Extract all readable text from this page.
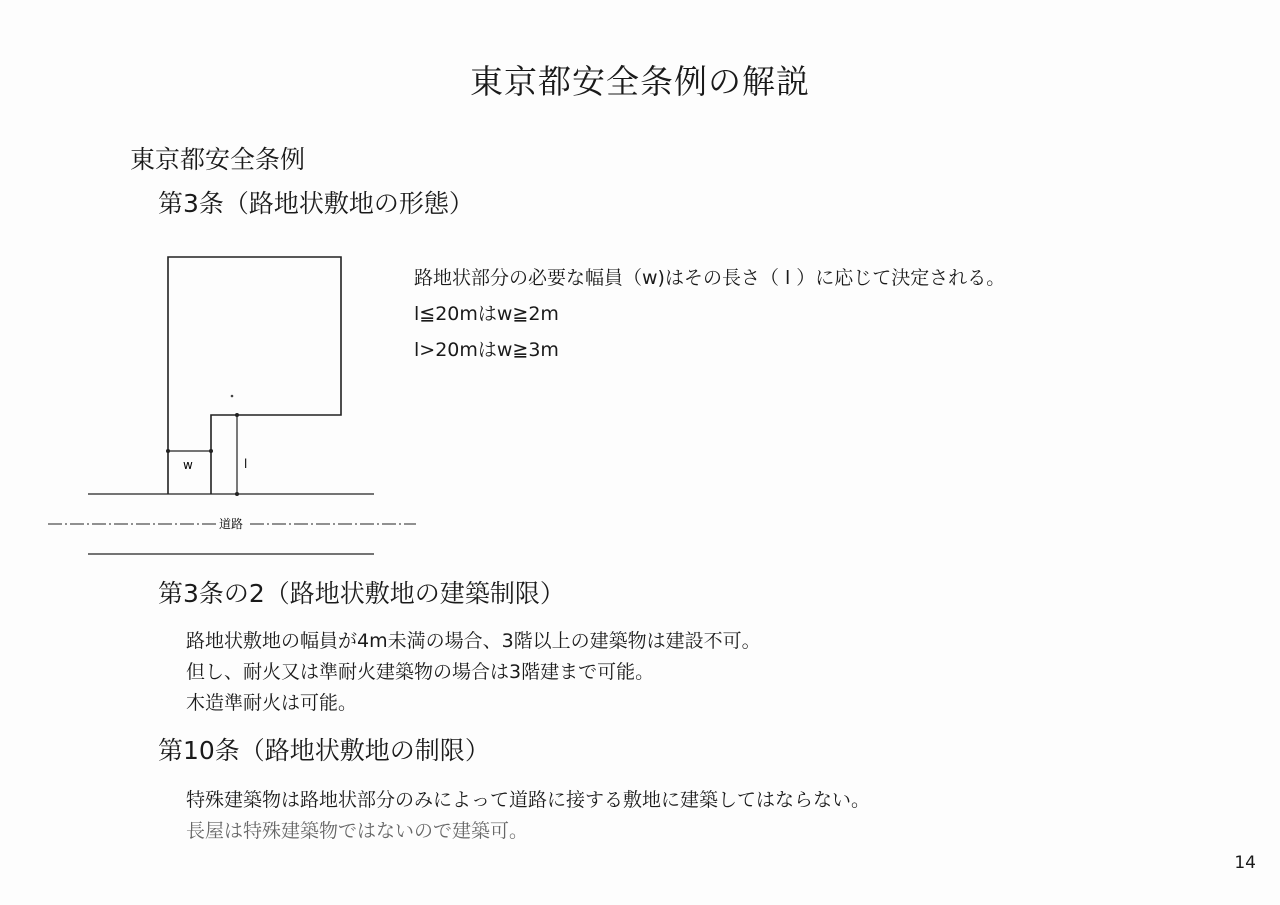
東京都安全条例の解説
東京都安全条例
第3条（路地状敷地の形態）
路地状部分の必要な幅員（w)はその長さ（ l ）に応じて決定される。
l≦20mはw≧2m
l>20mはw≧3m
w	l
道路
第3条の2（路地状敷地の建築制限）
路地状敷地の幅員が4m未満の場合、3階以上の建築物は建設不可。
但し、耐火又は準耐火建築物の場合は3階建まで可能。
木造準耐火は可能。
第10条（路地状敷地の制限）
特殊建築物は路地状部分のみによって道路に接する敷地に建築してはならない。
長屋は特殊建築物ではないので建築可。
14
